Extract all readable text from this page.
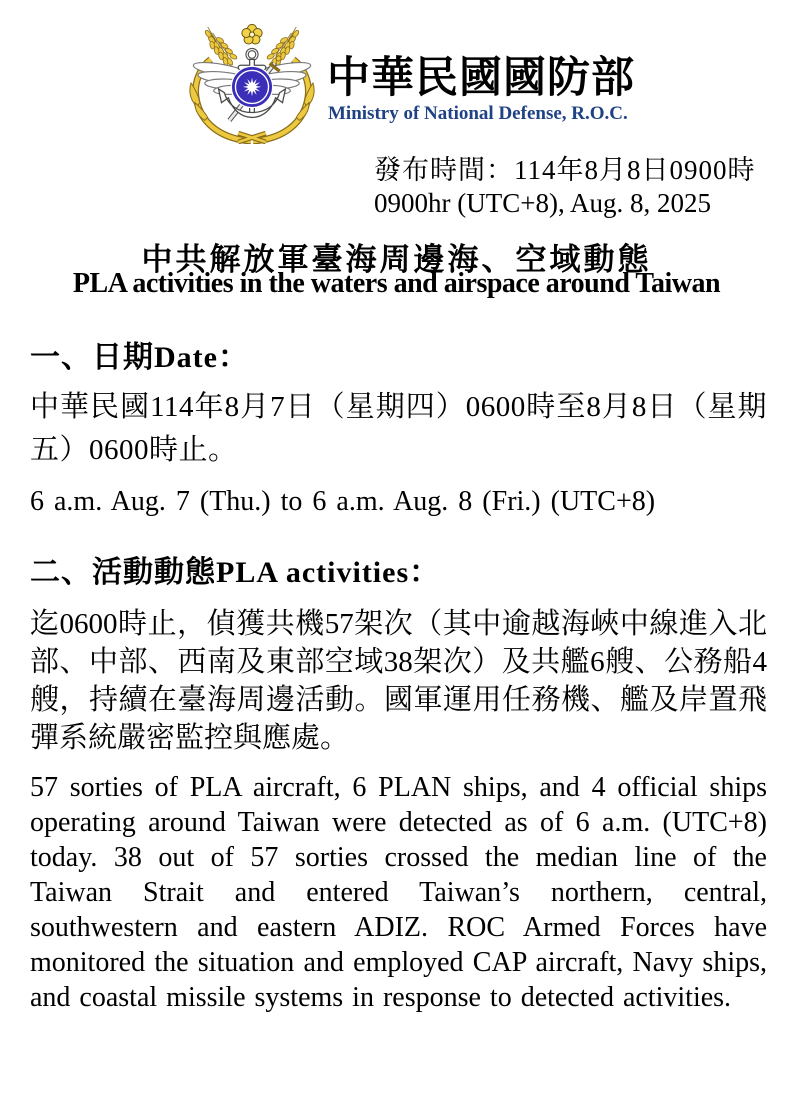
中華民國國防部
Ministry of National Defense, R.O.C.
發布時間：114年8月8日0900時
0900hr (UTC+8), Aug. 8, 2025
中共解放軍臺海周邊海、空域動態
PLA activities in the waters and airspace around Taiwan
一、日期Date：

中華民國114年8月7日（星期四）0600時至8月8日（星期五）0600時止。

6 a.m. Aug. 7 (Thu.) to 6 a.m. Aug. 8 (Fri.) (UTC+8)

二、活動動態PLA activities：

迄0600時止，偵獲共機57架次（其中逾越海峽中線進入北部、中部、西南及東部空域38架次）及共艦6艘、公務船4艘，持續在臺海周邊活動。國軍運用任務機、艦及岸置飛彈系統嚴密監控與應處。

57 sorties of PLA aircraft, 6 PLAN ships, and 4 official ships operating around Taiwan were detected as of 6 a.m. (UTC+8) today. 38 out of 57 sorties crossed the median line of the Taiwan Strait and entered Taiwan’s northern, central, southwestern and eastern ADIZ. ROC Armed Forces have monitored the situation and employed CAP aircraft, Navy ships, and coastal missile systems in response to detected activities.
